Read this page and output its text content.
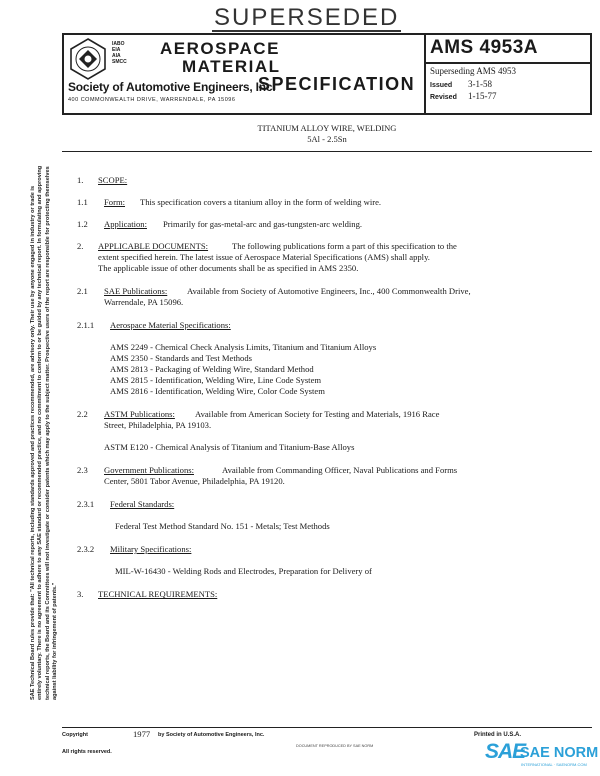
SUPERSEDED
IABO
EIA
AIA
SMCC
AEROSPACE
MATERIAL
SPECIFICATION
Society of Automotive Engineers, Inc.
400 COMMONWEALTH DRIVE, WARRENDALE, PA 15096
AMS 4953A
Superseding AMS 4953
Issued 3-1-58
Revised 1-15-77
TITANIUM ALLOY WIRE, WELDING
5Al - 2.5Sn
SAE Technical Board rules provide that: "All technical reports, including standards approved and practices recommended, are advisory only. Their use by anyone engaged in industry or trade is entirely voluntary. There is no agreement to adhere to any SAE standard or recommended practice, and no commitment to conform to or be guided by any technical report. In formulating and approving technical reports, the Board and its Committees will not investigate or consider patents which may apply to the subject matter. Prospective users of the report are responsible for protecting themselves against liability for infringement of patents."
1. SCOPE:
1.1 Form: This specification covers a titanium alloy in the form of welding wire.
1.2 Application: Primarily for gas-metal-arc and gas-tungsten-arc welding.
2. APPLICABLE DOCUMENTS:	The following publications form a part of this specification to the
extent specified herein. The latest issue of Aerospace Material Specifications (AMS) shall apply.
The applicable issue of other documents shall be as specified in AMS 2350.
2.1 SAE Publications: Available from Society of Automotive Engineers, Inc., 400 Commonwealth Drive,
Warrendale, PA 15096.
2.1.1 Aerospace Material Specifications:
AMS 2249 - Chemical Check Analysis Limits, Titanium and Titanium Alloys
AMS 2350 - Standards and Test Methods
AMS 2813 - Packaging of Welding Wire, Standard Method
AMS 2815 - Identification, Welding Wire, Line Code System
AMS 2816 - Identification, Welding Wire, Color Code System
2.2 ASTM Publications: Available from American Society for Testing and Materials, 1916 Race
Street, Philadelphia, PA 19103.
ASTM E120 - Chemical Analysis of Titanium and Titanium-Base Alloys
2.3 Government Publications:	Available from Commanding Officer, Naval Publications and Forms
Center, 5801 Tabor Avenue, Philadelphia, PA 19120.
2.3.1 Federal Standards:
Federal Test Method Standard No. 151 - Metals; Test Methods
2.3.2 Military Specifications:
MIL-W-16430 - Welding Rods and Electrodes, Preparation for Delivery of
3. TECHNICAL REQUIREMENTS:
Copyright	1977 by Society of Automotive Engineers, Inc.
All rights reserved.
Printed in U.S.A.
DOCUMENT REPRODUCED BY SAE NORM	SAE
SAE NORM
INTERNATIONAL · SAENORM.COM
